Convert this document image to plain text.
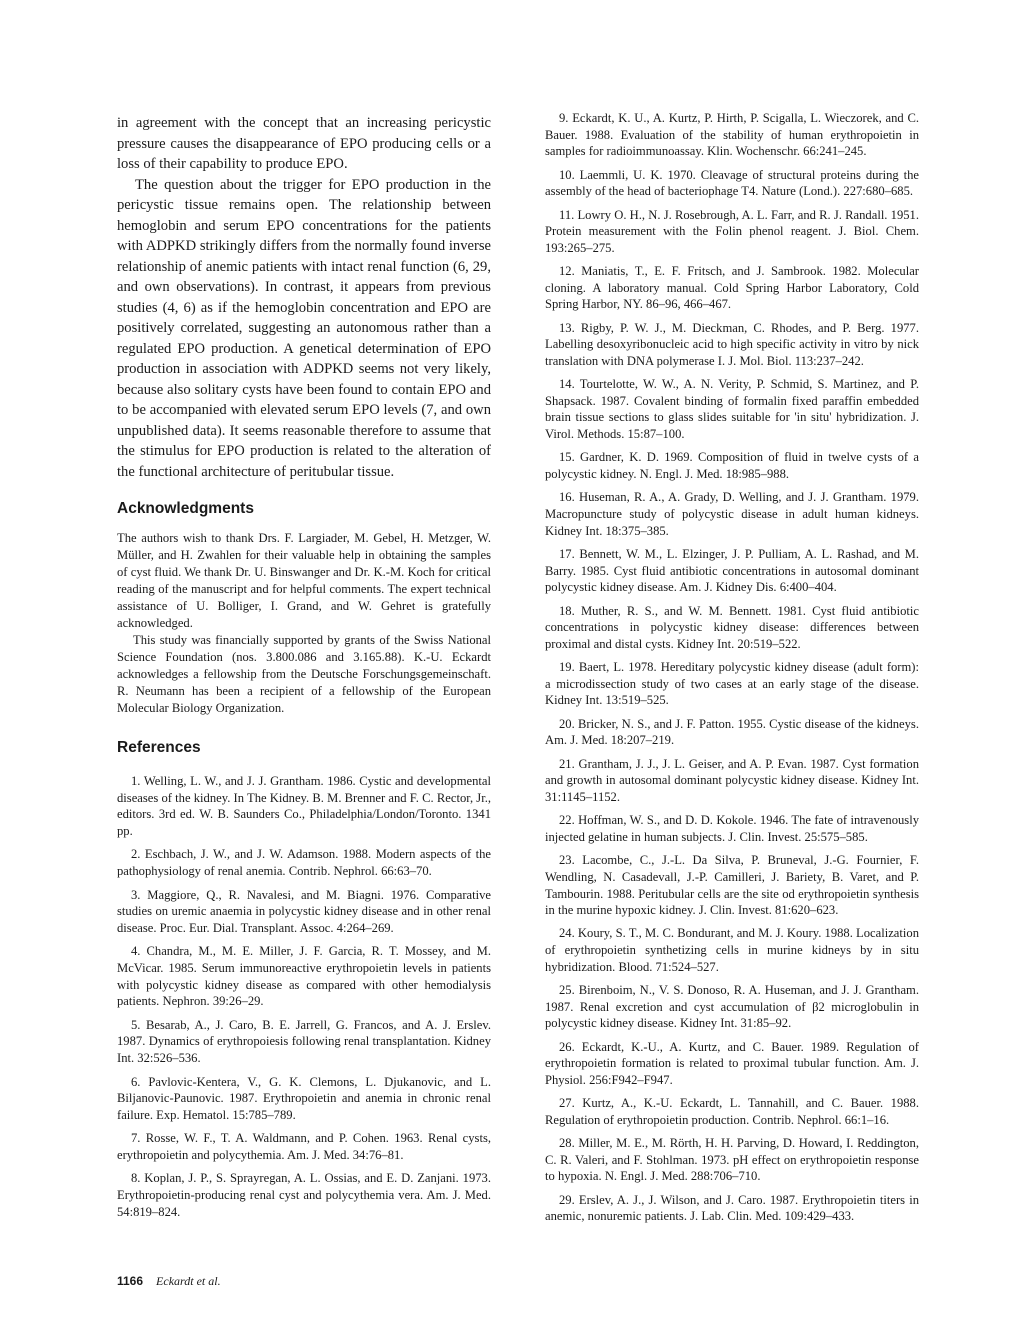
in agreement with the concept that an increasing pericystic pressure causes the disappearance of EPO producing cells or a loss of their capability to produce EPO.

The question about the trigger for EPO production in the pericystic tissue remains open. The relationship between hemoglobin and serum EPO concentrations for the patients with ADPKD strikingly differs from the normally found inverse relationship of anemic patients with intact renal function (6, 29, and own observations). In contrast, it appears from previous studies (4, 6) as if the hemoglobin concentration and EPO are positively correlated, suggesting an autonomous rather than a regulated EPO production. A genetical determination of EPO production in association with ADPKD seems not very likely, because also solitary cysts have been found to contain EPO and to be accompanied with elevated serum EPO levels (7, and own unpublished data). It seems reasonable therefore to assume that the stimulus for EPO production is related to the alteration of the functional architecture of peritubular tissue.

Acknowledgments

The authors wish to thank Drs. F. Largiader, M. Gebel, H. Metzger, W. Müller, and H. Zwahlen for their valuable help in obtaining the samples of cyst fluid. We thank Dr. U. Binswanger and Dr. K.-M. Koch for critical reading of the manuscript and for helpful comments. The expert technical assistance of U. Bolliger, I. Grand, and W. Gehret is gratefully acknowledged.

This study was financially supported by grants of the Swiss National Science Foundation (nos. 3.800.086 and 3.165.88). K.-U. Eckardt acknowledges a fellowship from the Deutsche Forschungsgemeinschaft. R. Neumann has been a recipient of a fellowship of the European Molecular Biology Organization.

References

1. Welling, L. W., and J. J. Grantham. 1986. Cystic and developmental diseases of the kidney. In The Kidney. B. M. Brenner and F. C. Rector, Jr., editors. 3rd ed. W. B. Saunders Co., Philadelphia/London/Toronto. 1341 pp.

2. Eschbach, J. W., and J. W. Adamson. 1988. Modern aspects of the pathophysiology of renal anemia. Contrib. Nephrol. 66:63–70.

3. Maggiore, Q., R. Navalesi, and M. Biagni. 1976. Comparative studies on uremic anaemia in polycystic kidney disease and in other renal disease. Proc. Eur. Dial. Transplant. Assoc. 4:264–269.

4. Chandra, M., M. E. Miller, J. F. Garcia, R. T. Mossey, and M. McVicar. 1985. Serum immunoreactive erythropoietin levels in patients with polycystic kidney disease as compared with other hemodialysis patients. Nephron. 39:26–29.

5. Besarab, A., J. Caro, B. E. Jarrell, G. Francos, and A. J. Erslev. 1987. Dynamics of erythropoiesis following renal transplantation. Kidney Int. 32:526–536.

6. Pavlovic-Kentera, V., G. K. Clemons, L. Djukanovic, and L. Biljanovic-Paunovic. 1987. Erythropoietin and anemia in chronic renal failure. Exp. Hematol. 15:785–789.

7. Rosse, W. F., T. A. Waldmann, and P. Cohen. 1963. Renal cysts, erythropoietin and polycythemia. Am. J. Med. 34:76–81.

8. Koplan, J. P., S. Sprayregan, A. L. Ossias, and E. D. Zanjani. 1973. Erythropoietin-producing renal cyst and polycythemia vera. Am. J. Med. 54:819–824.

9. Eckardt, K. U., A. Kurtz, P. Hirth, P. Scigalla, L. Wieczorek, and C. Bauer. 1988. Evaluation of the stability of human erythropoietin in samples for radioimmunoassay. Klin. Wochenschr. 66:241–245.

10. Laemmli, U. K. 1970. Cleavage of structural proteins during the assembly of the head of bacteriophage T4. Nature (Lond.). 227:680–685.

11. Lowry O. H., N. J. Rosebrough, A. L. Farr, and R. J. Randall. 1951. Protein measurement with the Folin phenol reagent. J. Biol. Chem. 193:265–275.

12. Maniatis, T., E. F. Fritsch, and J. Sambrook. 1982. Molecular cloning. A laboratory manual. Cold Spring Harbor Laboratory, Cold Spring Harbor, NY. 86–96, 466–467.

13. Rigby, P. W. J., M. Dieckman, C. Rhodes, and P. Berg. 1977. Labelling desoxyribonucleic acid to high specific activity in vitro by nick translation with DNA polymerase I. J. Mol. Biol. 113:237–242.

14. Tourtelotte, W. W., A. N. Verity, P. Schmid, S. Martinez, and P. Shapsack. 1987. Covalent binding of formalin fixed paraffin embedded brain tissue sections to glass slides suitable for 'in situ' hybridization. J. Virol. Methods. 15:87–100.

15. Gardner, K. D. 1969. Composition of fluid in twelve cysts of a polycystic kidney. N. Engl. J. Med. 18:985–988.

16. Huseman, R. A., A. Grady, D. Welling, and J. J. Grantham. 1979. Macropuncture study of polycystic disease in adult human kidneys. Kidney Int. 18:375–385.

17. Bennett, W. M., L. Elzinger, J. P. Pulliam, A. L. Rashad, and M. Barry. 1985. Cyst fluid antibiotic concentrations in autosomal dominant polycystic kidney disease. Am. J. Kidney Dis. 6:400–404.

18. Muther, R. S., and W. M. Bennett. 1981. Cyst fluid antibiotic concentrations in polycystic kidney disease: differences between proximal and distal cysts. Kidney Int. 20:519–522.

19. Baert, L. 1978. Hereditary polycystic kidney disease (adult form): a microdissection study of two cases at an early stage of the disease. Kidney Int. 13:519–525.

20. Bricker, N. S., and J. F. Patton. 1955. Cystic disease of the kidneys. Am. J. Med. 18:207–219.

21. Grantham, J. J., J. L. Geiser, and A. P. Evan. 1987. Cyst formation and growth in autosomal dominant polycystic kidney disease. Kidney Int. 31:1145–1152.

22. Hoffman, W. S., and D. D. Kokole. 1946. The fate of intravenously injected gelatine in human subjects. J. Clin. Invest. 25:575–585.

23. Lacombe, C., J.-L. Da Silva, P. Bruneval, J.-G. Fournier, F. Wendling, N. Casadevall, J.-P. Camilleri, J. Bariety, B. Varet, and P. Tambourin. 1988. Peritubular cells are the site od erythropoietin synthesis in the murine hypoxic kidney. J. Clin. Invest. 81:620–623.

24. Koury, S. T., M. C. Bondurant, and M. J. Koury. 1988. Localization of erythropoietin synthetizing cells in murine kidneys by in situ hybridization. Blood. 71:524–527.

25. Birenboim, N., V. S. Donoso, R. A. Huseman, and J. J. Grantham. 1987. Renal excretion and cyst accumulation of β2 microglobulin in polycystic kidney disease. Kidney Int. 31:85–92.

26. Eckardt, K.-U., A. Kurtz, and C. Bauer. 1989. Regulation of erythropoietin formation is related to proximal tubular function. Am. J. Physiol. 256:F942–F947.

27. Kurtz, A., K.-U. Eckardt, L. Tannahill, and C. Bauer. 1988. Regulation of erythropoietin production. Contrib. Nephrol. 66:1–16.

28. Miller, M. E., M. Rörth, H. H. Parving, D. Howard, I. Reddington, C. R. Valeri, and F. Stohlman. 1973. pH effect on erythropoietin response to hypoxia. N. Engl. J. Med. 288:706–710.

29. Erslev, A. J., J. Wilson, and J. Caro. 1987. Erythropoietin titers in anemic, nonuremic patients. J. Lab. Clin. Med. 109:429–433.

1166 Eckardt et al.
